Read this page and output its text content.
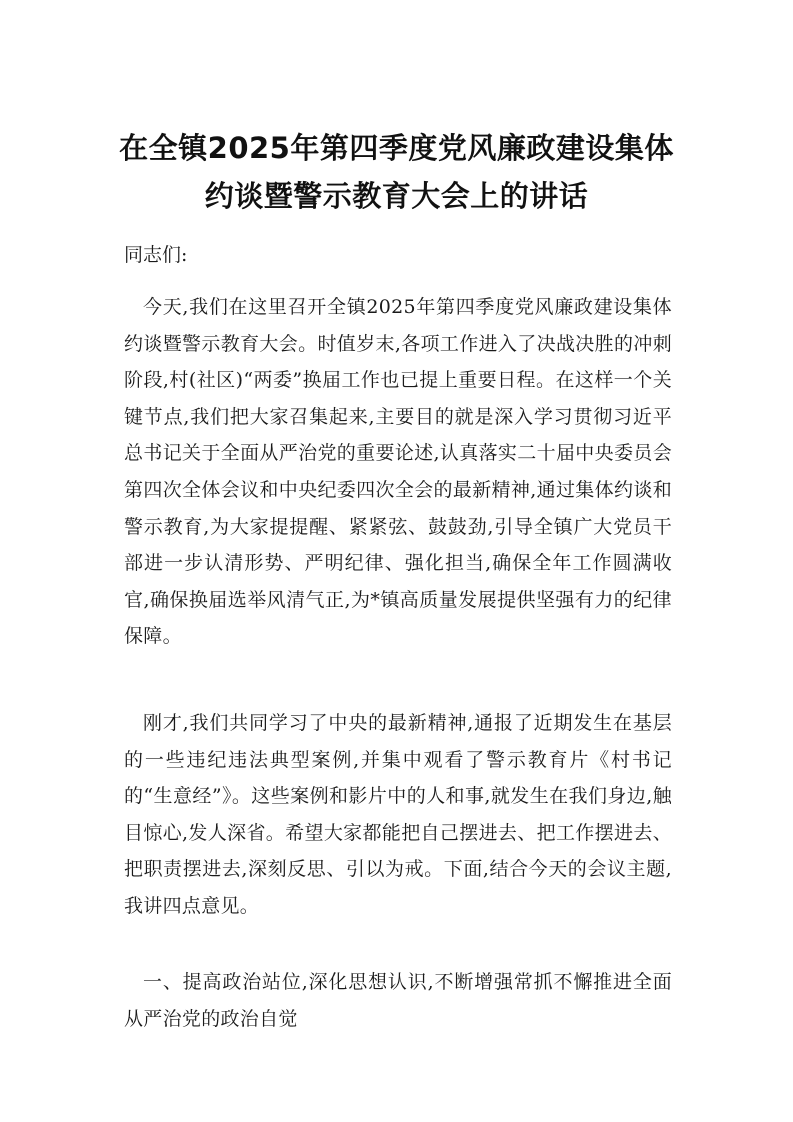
在全镇2025年第四季度党风廉政建设集体
约谈暨警示教育大会上的讲话
同志们:

今天,我们在这里召开全镇2025年第四季度党风廉政建设集体约谈暨警示教育大会。时值岁末,各项工作进入了决战决胜的冲刺阶段,村(社区)“两委”换届工作也已提上重要日程。在这样一个关键节点,我们把大家召集起来,主要目的就是深入学习贯彻习近平总书记关于全面从严治党的重要论述,认真落实二十届中央委员会第四次全体会议和中央纪委四次全会的最新精神,通过集体约谈和警示教育,为大家提提醒、紧紧弦、鼓鼓劲,引导全镇广大党员干部进一步认清形势、严明纪律、强化担当,确保全年工作圆满收官,确保换届选举风清气正,为*镇高质量发展提供坚强有力的纪律保障。

刚才,我们共同学习了中央的最新精神,通报了近期发生在基层的一些违纪违法典型案例,并集中观看了警示教育片《村书记的“生意经”》。这些案例和影片中的人和事,就发生在我们身边,触目惊心,发人深省。希望大家都能把自己摆进去、把工作摆进去、把职责摆进去,深刻反思、引以为戒。下面,结合今天的会议主题,我讲四点意见。

一、提高政治站位,深化思想认识,不断增强常抓不懈推进全面从严治党的政治自觉
